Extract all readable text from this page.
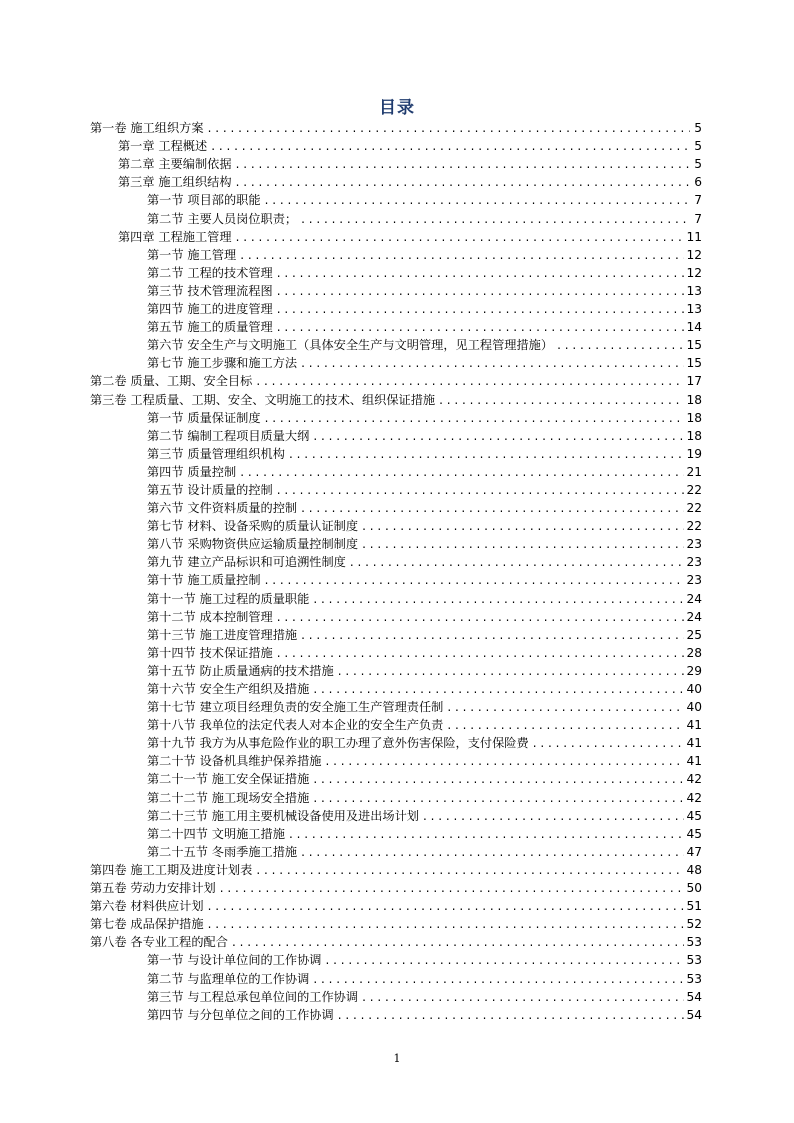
目录
第一卷 施工组织方案 . . .	5
第一章 工程概述 . . .	5
第二章 主要编制依据 . . .	5
第三章 施工组织结构 . . .	6
第一节 项目部的职能 . . .	7
第二节 主要人员岗位职责； . . .	7
第四章 工程施工管理 . . .	11
第一节 施工管理 . . .	12
第二节 工程的技术管理 . . .	12
第三节 技术管理流程图 . . .	13
第四节 施工的进度管理 . . .	13
第五节 施工的质量管理 . . .	14
第六节 安全生产与文明施工（具体安全生产与文明管理，见工程管理措施） . . .	15
第七节 施工步骤和施工方法 . . .	15
第二卷 质量、工期、安全目标 . . .	17
第三卷 工程质量、工期、安全、文明施工的技术、组织保证措施 . . .	18
第一节 质量保证制度 . . .	18
第二节 编制工程项目质量大纲 . . .	18
第三节 质量管理组织机构 . . .	19
第四节 质量控制 . . .	21
第五节 设计质量的控制 . . .	22
第六节 文件资料质量的控制 . . .	22
第七节 材料、设备采购的质量认证制度 . . .	22
第八节 采购物资供应运输质量控制制度 . . .	23
第九节 建立产品标识和可追溯性制度 . . .	23
第十节 施工质量控制 . . .	23
第十一节 施工过程的质量职能 . . .	24
第十二节 成本控制管理 . . .	24
第十三节 施工进度管理措施 . . .	25
第十四节 技术保证措施 . . .	28
第十五节 防止质量通病的技术措施 . . .	29
第十六节 安全生产组织及措施 . . .	40
第十七节 建立项目经理负责的安全施工生产管理责任制 . . .	40
第十八节 我单位的法定代表人对本企业的安全生产负责 . . .	41
第十九节 我方为从事危险作业的职工办理了意外伤害保险，支付保险费 . . .	41
第二十节 设备机具维护保养措施 . . .	41
第二十一节 施工安全保证措施 . . .	42
第二十二节 施工现场安全措施 . . .	42
第二十三节 施工用主要机械设备使用及进出场计划 . . .	45
第二十四节 文明施工措施 . . .	45
第二十五节 冬雨季施工措施 . . .	47
第四卷 施工工期及进度计划表 . . .	48
第五卷 劳动力安排计划 . . .	50
第六卷 材料供应计划 . . .	51
第七卷 成品保护措施 . . .	52
第八卷 各专业工程的配合 . . .	53
第一节 与设计单位间的工作协调 . . .	53
第二节 与监理单位的工作协调 . . .	53
第三节 与工程总承包单位间的工作协调 . . .	54
第四节 与分包单位之间的工作协调 . . .	54
1
